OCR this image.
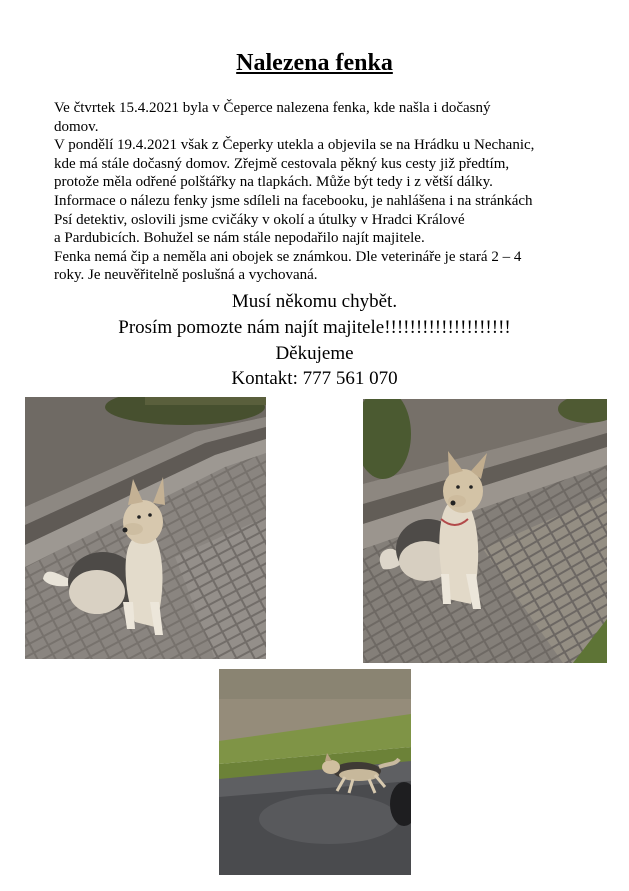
Nalezena fenka

Ve čtvrtek 15.4.2021 byla v Čeperce nalezena fenka, kde našla i dočasný

domov.

V pondělí 19.4.2021 však z Čeperky utekla a objevila se na Hrádku u Nechanic,

kde má stále dočasný domov. Zřejmě cestovala pěkný kus cesty již předtím,

protože měla odřené polštářky na tlapkách. Může být tedy i z větší dálky.

Informace o nálezu fenky jsme sdíleli na facebooku, je nahlášena i na stránkách

Psí detektiv, oslovili jsme cvičáky v okolí a útulky v Hradci Králové

a Pardubicích. Bohužel se nám stále nepodařilo najít majitele.

Fenka nemá čip a neměla ani obojek se známkou. Dle veterináře je stará 2 – 4

roky. Je neuvěřitelně poslušná a vychovaná.

Musí někomu chybět.
Prosím pomozte nám najít majitele!!!!!!!!!!!!!!!!!!!!
Děkujeme
Kontakt: 777 561 070
